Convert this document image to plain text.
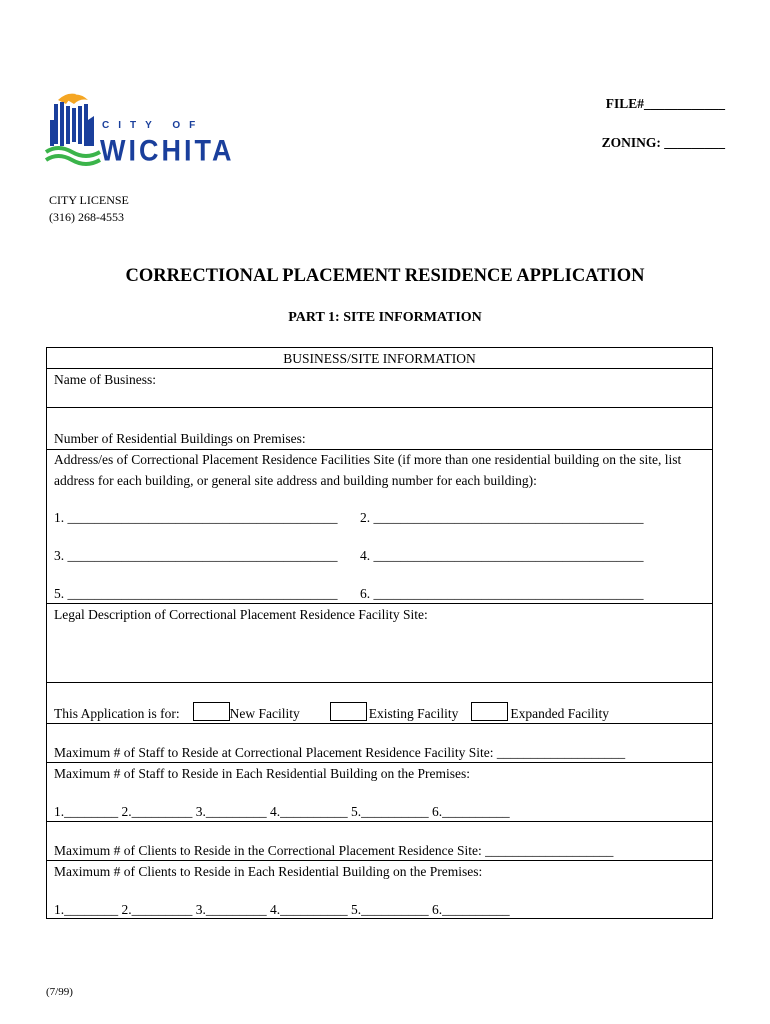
CITY OF
WICHITA
FILE#____________
ZONING: _________
CITY LICENSE
(316) 268-4553
CORRECTIONAL PLACEMENT RESIDENCE APPLICATION
PART 1: SITE INFORMATION
BUSINESS/SITE INFORMATION
Name of Business:
Number of Residential Buildings on Premises:
Address/es of Correctional Placement Residence Facilities Site (if more than one residential building on the site, list address for each building, or general site address and building number for each building):
1. ________________________________________ 2. ________________________________________
3. ________________________________________ 4. ________________________________________
5. ________________________________________ 6. ________________________________________
Legal Description of Correctional Placement Residence Facility Site:
This Application is for:	New Facility	Existing Facility	Expanded Facility
Maximum # of Staff to Reside at Correctional Placement Residence Facility Site: ___________________
Maximum # of Staff to Reside in Each Residential Building on the Premises:
1.________ 2._________ 3._________ 4.__________ 5.__________ 6.__________
Maximum # of Clients to Reside in the Correctional Placement Residence Site: ___________________
Maximum # of Clients to Reside in Each Residential Building on the Premises:
1.________ 2._________ 3._________ 4.__________ 5.__________ 6.__________
(7/99)
